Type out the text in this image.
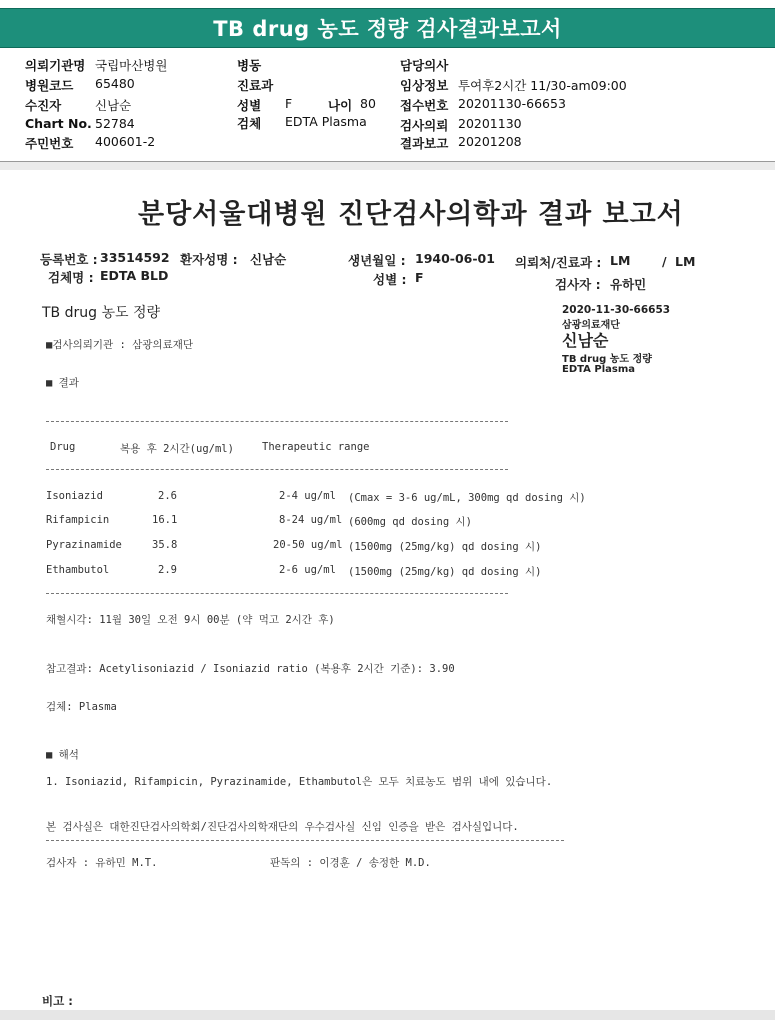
TB drug 농도 정량 검사결과보고서
의뢰기관명 국립마산병원
병원코드 65480
수진자	신남순
Chart No. 52784
주민번호 400601-2
병동
진료과
성별 F	나이 80
검체 EDTA Plasma
담당의사
임상정보 투여후2시간 11/30-am09:00
접수번호 20201130-66653
검사의뢰 20201130
결과보고 20201208
분당서울대병원 진단검사의학과 결과 보고서
등록번호 : 33514592 환자성명 : 신남순	생년월일 : 1940-06-01 의뢰처/진료과 : LM	/ LM
검체명 : EDTA BLD	성별 : F	검사자 : 유하민
TB drug 농도 정량	2020-11-30-66653
삼광의료재단
신남순
TB drug 농도 정량
EDTA Plasma
■검사의뢰기관 : 삼광의료재단
■ 결과
Drug	복용 후 2시간(ug/ml)	Therapeutic range
Isoniazid	2.6	2-4 ug/ml (Cmax = 3-6 ug/mL, 300mg qd dosing 시)
Rifampicin	16.1	8-24 ug/ml (600mg qd dosing 시)
Pyrazinamide	35.8	20-50 ug/ml (1500mg (25mg/kg) qd dosing 시)
Ethambutol	2.9	2-6 ug/ml (1500mg (25mg/kg) qd dosing 시)
채혈시각: 11월 30일 오전 9시 00분 (약 먹고 2시간 후)
참고결과: Acetylisoniazid / Isoniazid ratio (복용후 2시간 기준): 3.90
검체: Plasma
■ 해석
1. Isoniazid, Rifampicin, Pyrazinamide, Ethambutol은 모두 치료농도 범위 내에 있습니다.
본 검사실은 대한진단검사의학회/진단검사의학재단의 우수검사실 신임 인증을 받은 검사실입니다.
검사자 : 유하민 M.T.	판독의 : 이경훈 / 송정한 M.D.
비고 :
